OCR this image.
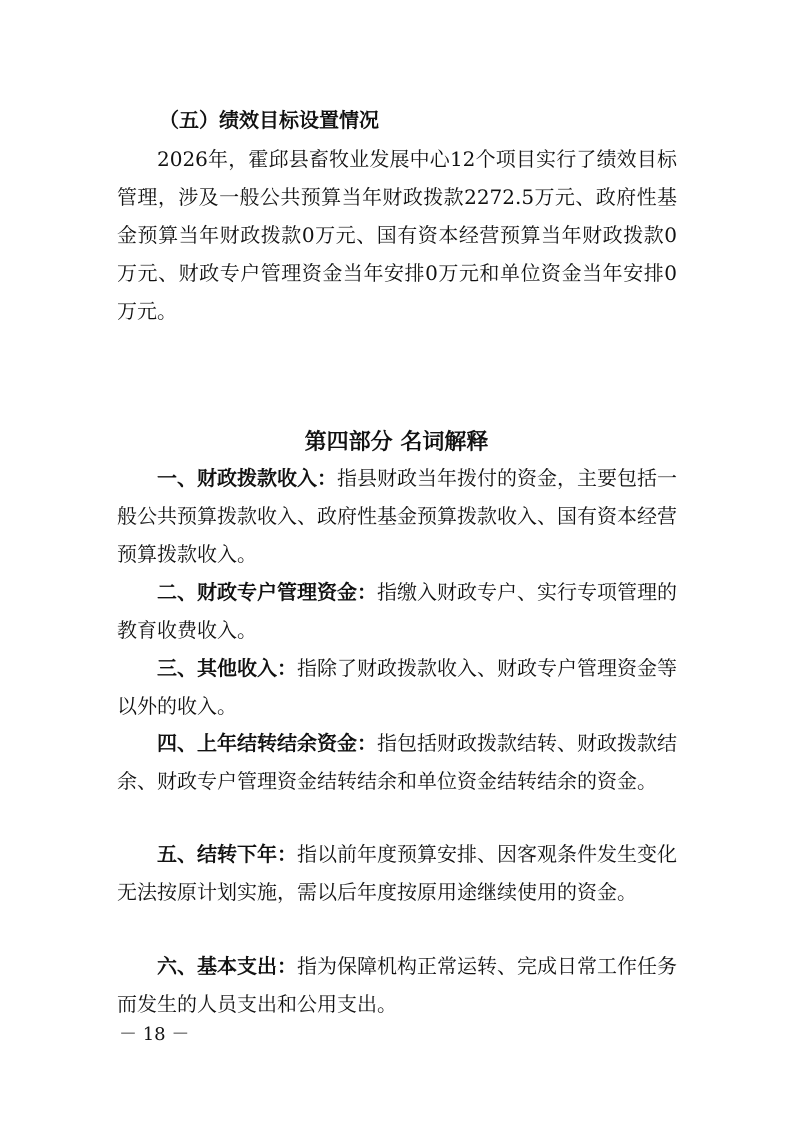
（五）绩效目标设置情况

2026年，霍邱县畜牧业发展中心12个项目实行了绩效目标管理，涉及一般公共预算当年财政拨款2272.5万元、政府性基金预算当年财政拨款0万元、国有资本经营预算当年财政拨款0万元、财政专户管理资金当年安排0万元和单位资金当年安排0万元。

第四部分 名词解释

一、财政拨款收入：指县财政当年拨付的资金，主要包括一般公共预算拨款收入、政府性基金预算拨款收入、国有资本经营预算拨款收入。

二、财政专户管理资金：指缴入财政专户、实行专项管理的教育收费收入。

三、其他收入：指除了财政拨款收入、财政专户管理资金等以外的收入。

四、上年结转结余资金：指包括财政拨款结转、财政拨款结余、财政专户管理资金结转结余和单位资金结转结余的资金。

五、结转下年：指以前年度预算安排、因客观条件发生变化无法按原计划实施，需以后年度按原用途继续使用的资金。

六、基本支出：指为保障机构正常运转、完成日常工作任务而发生的人员支出和公用支出。

－ 18 －
